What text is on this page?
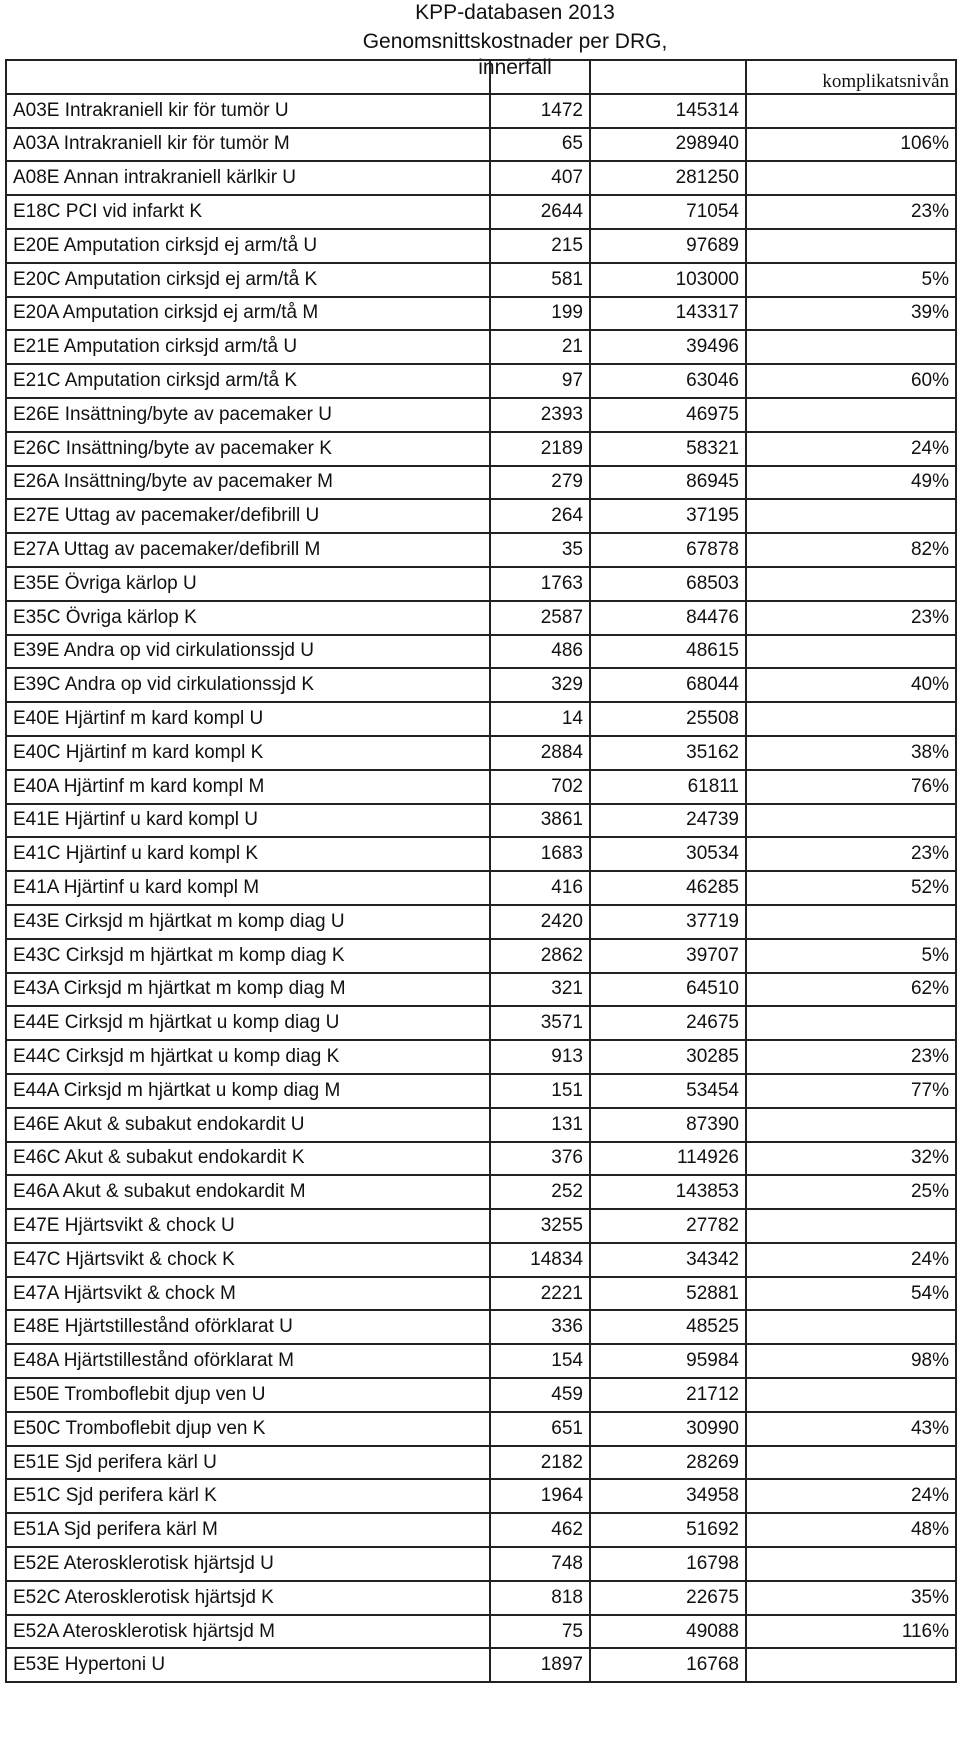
KPP-databasen 2013
Genomsnittskostnader per DRG, innerfall
			komplikatsnivån
A03E Intrakraniell kir för tumör U	1472	145314	
A03A Intrakraniell kir för tumör M	65	298940	106%
A08E Annan intrakraniell kärlkir U	407	281250	
E18C PCI vid infarkt K	2644	71054	23%
E20E Amputation cirksjd ej arm/tå U	215	97689	
E20C Amputation cirksjd ej arm/tå K	581	103000	5%
E20A Amputation cirksjd ej arm/tå M	199	143317	39%
E21E Amputation cirksjd arm/tå U	21	39496	
E21C Amputation cirksjd arm/tå K	97	63046	60%
E26E Insättning/byte av pacemaker U	2393	46975	
E26C Insättning/byte av pacemaker K	2189	58321	24%
E26A Insättning/byte av pacemaker M	279	86945	49%
E27E Uttag av pacemaker/defibrill U	264	37195	
E27A Uttag av pacemaker/defibrill M	35	67878	82%
E35E Övriga kärlop U	1763	68503	
E35C Övriga kärlop K	2587	84476	23%
E39E Andra op vid cirkulationssjd U	486	48615	
E39C Andra op vid cirkulationssjd K	329	68044	40%
E40E Hjärtinf m kard kompl U	14	25508	
E40C Hjärtinf m kard kompl K	2884	35162	38%
E40A Hjärtinf m kard kompl M	702	61811	76%
E41E Hjärtinf u kard kompl U	3861	24739	
E41C Hjärtinf u kard kompl K	1683	30534	23%
E41A Hjärtinf u kard kompl M	416	46285	52%
E43E Cirksjd m hjärtkat m komp diag U	2420	37719	
E43C Cirksjd m hjärtkat m komp diag K	2862	39707	5%
E43A Cirksjd m hjärtkat m komp diag M	321	64510	62%
E44E Cirksjd m hjärtkat u komp diag U	3571	24675	
E44C Cirksjd m hjärtkat u komp diag K	913	30285	23%
E44A Cirksjd m hjärtkat u komp diag M	151	53454	77%
E46E Akut & subakut endokardit U	131	87390	
E46C Akut & subakut endokardit K	376	114926	32%
E46A Akut & subakut endokardit M	252	143853	25%
E47E Hjärtsvikt & chock U	3255	27782	
E47C Hjärtsvikt & chock K	14834	34342	24%
E47A Hjärtsvikt & chock M	2221	52881	54%
E48E Hjärtstillestånd oförklarat U	336	48525	
E48A Hjärtstillestånd oförklarat M	154	95984	98%
E50E Tromboflebit djup ven U	459	21712	
E50C Tromboflebit djup ven K	651	30990	43%
E51E Sjd perifera kärl U	2182	28269	
E51C Sjd perifera kärl K	1964	34958	24%
E51A Sjd perifera kärl M	462	51692	48%
E52E Aterosklerotisk hjärtsjd U	748	16798	
E52C Aterosklerotisk hjärtsjd K	818	22675	35%
E52A Aterosklerotisk hjärtsjd M	75	49088	116%
E53E Hypertoni U	1897	16768	
